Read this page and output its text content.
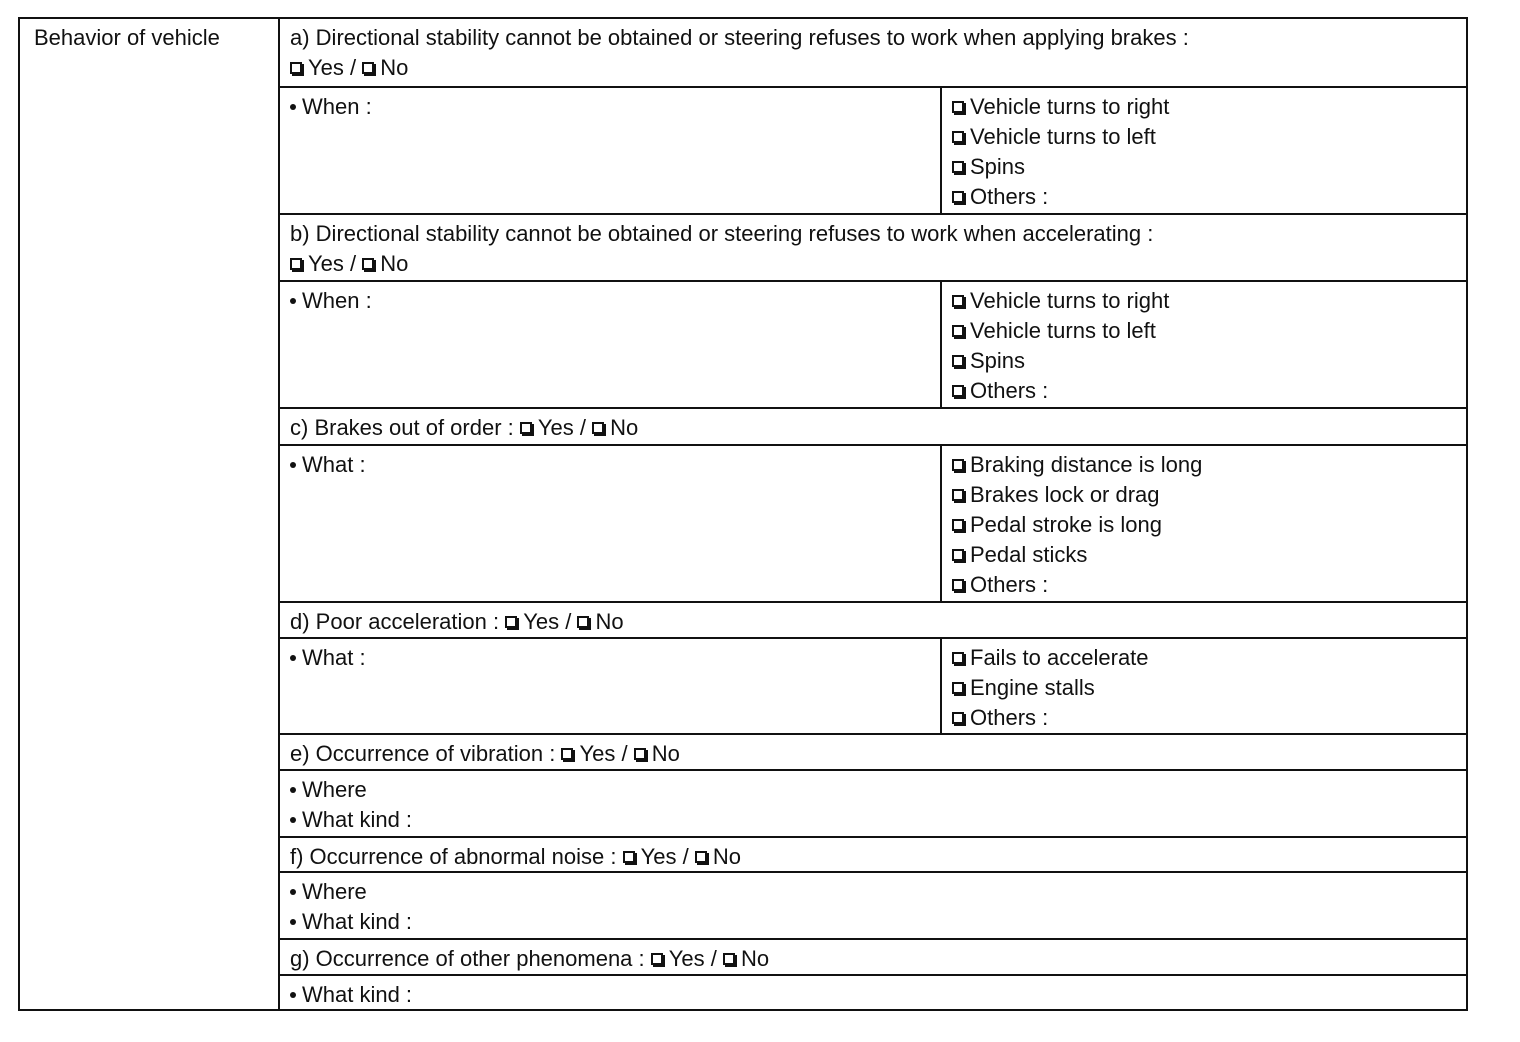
Behavior of vehicle	a) Directional stability cannot be obtained or steering refuses to work when applying brakes :
Yes / No
When :	Vehicle turns to right
Vehicle turns to left
Spins
Others :
b) Directional stability cannot be obtained or steering refuses to work when accelerating :
Yes / No
When :	Vehicle turns to right
Vehicle turns to left
Spins
Others :
c) Brakes out of order : Yes / No
What :	Braking distance is long
Brakes lock or drag
Pedal stroke is long
Pedal sticks
Others :
d) Poor acceleration : Yes / No
What :	Fails to accelerate
Engine stalls
Others :
e) Occurrence of vibration : Yes / No
Where
What kind :
f) Occurrence of abnormal noise : Yes / No
Where
What kind :
g) Occurrence of other phenomena : Yes / No
What kind :
